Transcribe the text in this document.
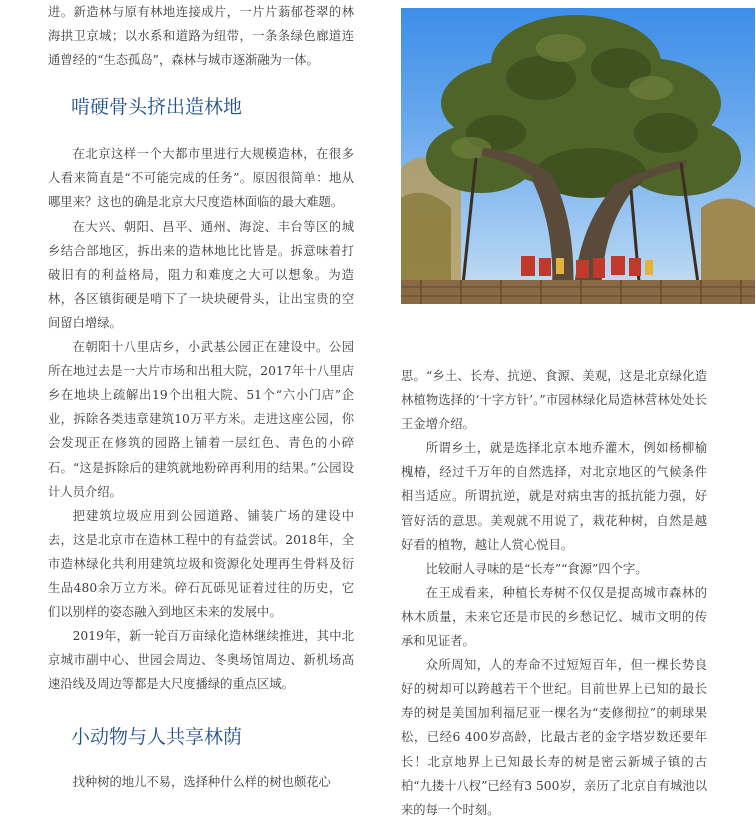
进。新造林与原有林地连接成片，一片片蓊郁苍翠的林海拱卫京城；以水系和道路为纽带，一条条绿色廊道连通曾经的“生态孤岛”，森林与城市逐渐融为一体。

啃硬骨头挤出造林地

在北京这样一个大都市里进行大规模造林，在很多人看来简直是“不可能完成的任务”。原因很简单：地从哪里来？这也的确是北京大尺度造林面临的最大难题。

在大兴、朝阳、昌平、通州、海淀、丰台等区的城乡结合部地区，拆出来的造林地比比皆是。拆意味着打破旧有的利益格局，阻力和难度之大可以想象。为造林，各区镇街硬是啃下了一块块硬骨头，让出宝贵的空间留白增绿。

在朝阳十八里店乡，小武基公园正在建设中。公园所在地过去是一大片市场和出租大院，2017年十八里店乡在地块上疏解出19个出租大院、51个“六小门店”企业，拆除各类违章建筑10万平方米。走进这座公园，你会发现正在修筑的园路上铺着一层红色、青色的小碎石。“这是拆除后的建筑就地粉碎再利用的结果。”公园设计人员介绍。

把建筑垃圾应用到公园道路、铺装广场的建设中去，这是北京市在造林工程中的有益尝试。2018年，全市造林绿化共利用建筑垃圾和资源化处理再生骨料及衍生品480余万立方米。碎石瓦砾见证着过往的历史，它们以别样的姿态融入到地区未来的发展中。

2019年，新一轮百万亩绿化造林继续推进，其中北京城市副中心、世园会周边、冬奥场馆周边、新机场高速沿线及周边等都是大尺度播绿的重点区域。

小动物与人共享林荫

找种树的地儿不易，选择种什么样的树也颇花心

思。“乡土、长寿、抗逆、食源、美观，这是北京绿化造林植物选择的‘十字方针’。”市园林绿化局造林营林处处长王金增介绍。

所谓乡土，就是选择北京本地乔灌木，例如杨柳榆槐椿，经过千万年的自然选择，对北京地区的气候条件相当适应。所谓抗逆，就是对病虫害的抵抗能力强，好管好活的意思。美观就不用说了，栽花种树，自然是越好看的植物，越让人赏心悦目。

比较耐人寻味的是“长寿”“食源”四个字。

在王成看来，种植长寿树不仅仅是提高城市森林的林木质量，未来它还是市民的乡愁记忆、城市文明的传承和见证者。

众所周知，人的寿命不过短短百年，但一棵长势良好的树却可以跨越若干个世纪。目前世界上已知的最长寿的树是美国加利福尼亚一棵名为“麦修彻拉”的刺球果松，已经6 400岁高龄，比最古老的金字塔岁数还要年长！北京地界上已知最长寿的树是密云新城子镇的古柏“九搂十八杈”已经有3 500岁，亲历了北京自有城池以来的每一个时刻。
